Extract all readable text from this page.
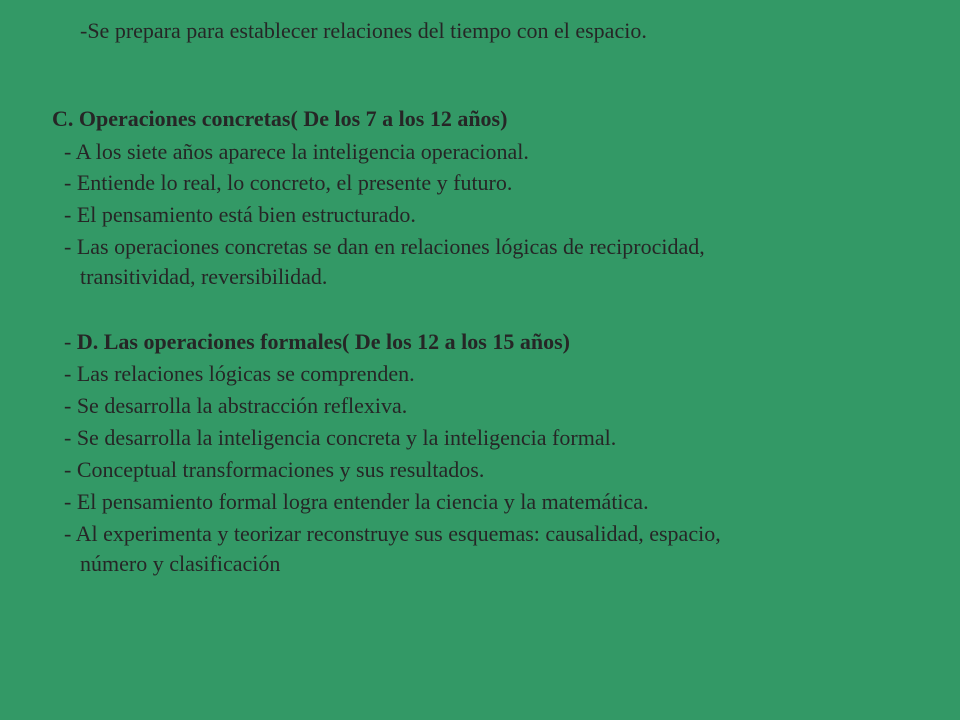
-Se prepara para establecer relaciones del tiempo con el espacio.
C. Operaciones concretas( De los 7 a los 12 años)
- A los siete años aparece la inteligencia operacional.
- Entiende lo real, lo concreto, el presente y futuro.
- El pensamiento está bien estructurado.
- Las operaciones concretas se dan en relaciones lógicas de reciprocidad,
transitividad, reversibilidad.
- D. Las operaciones formales( De los 12 a los 15 años)
- Las relaciones lógicas se comprenden.
- Se desarrolla la abstracción reflexiva.
- Se desarrolla la inteligencia concreta y la inteligencia formal.
- Conceptual transformaciones y sus resultados.
- El pensamiento formal logra entender la ciencia y la matemática.
- Al experimenta y teorizar reconstruye sus esquemas: causalidad, espacio,
número y clasificación
